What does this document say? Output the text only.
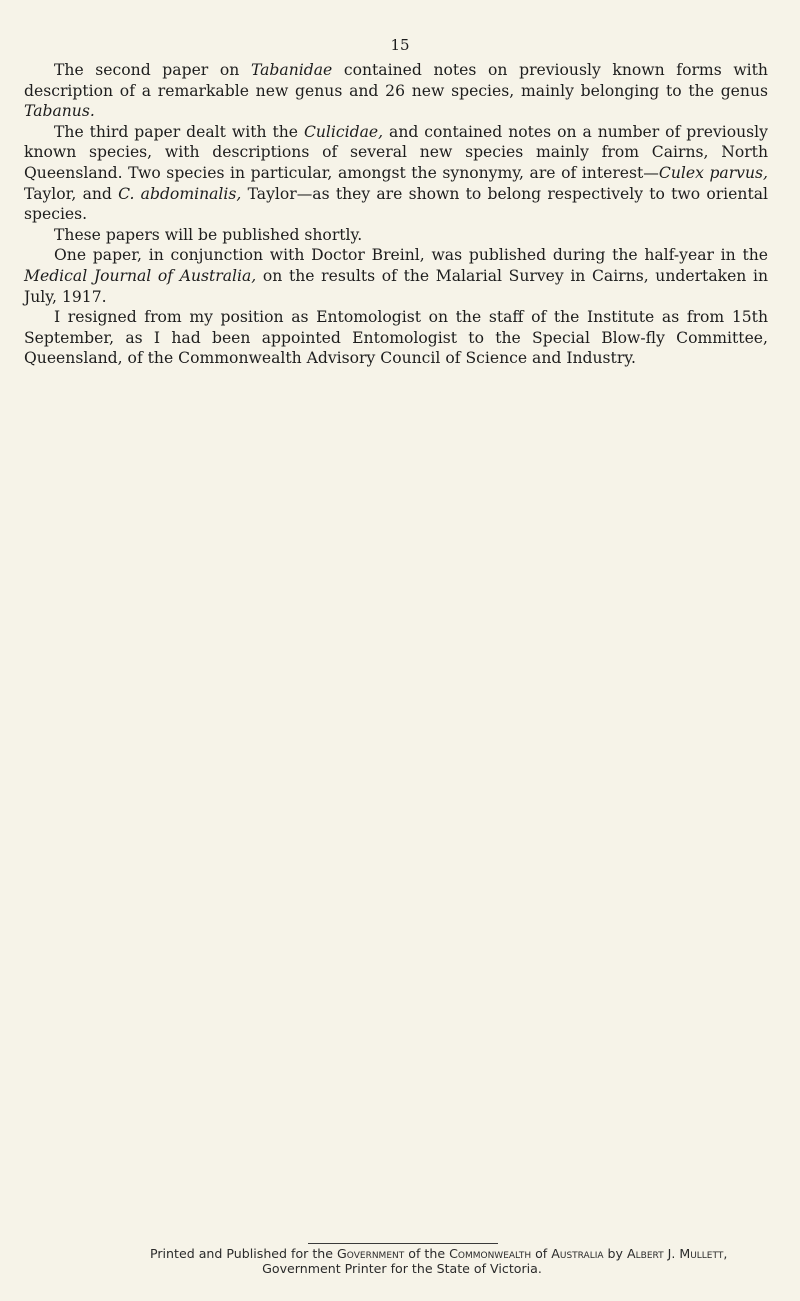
15

The second paper on Tabanidae contained notes on previously known forms with description of a remarkable new genus and 26 new species, mainly belonging to the genus Tabanus.

The third paper dealt with the Culicidae, and contained notes on a number of previously known species, with descriptions of several new species mainly from Cairns, North Queensland. Two species in particular, amongst the synonymy, are of interest—Culex parvus, Taylor, and C. abdominalis, Taylor—as they are shown to belong respectively to two oriental species.

These papers will be published shortly.

One paper, in conjunction with Doctor Breinl, was published during the half-year in the Medical Journal of Australia, on the results of the Malarial Survey in Cairns, undertaken in July, 1917.

I resigned from my position as Entomologist on the staff of the Institute as from 15th September, as I had been appointed Entomologist to the Special Blow-fly Committee, Queensland, of the Commonwealth Advisory Council of Science and Industry.

Printed and Published for the Government of the Commonwealth of Australia by Albert J. Mullett,
Government Printer for the State of Victoria.
